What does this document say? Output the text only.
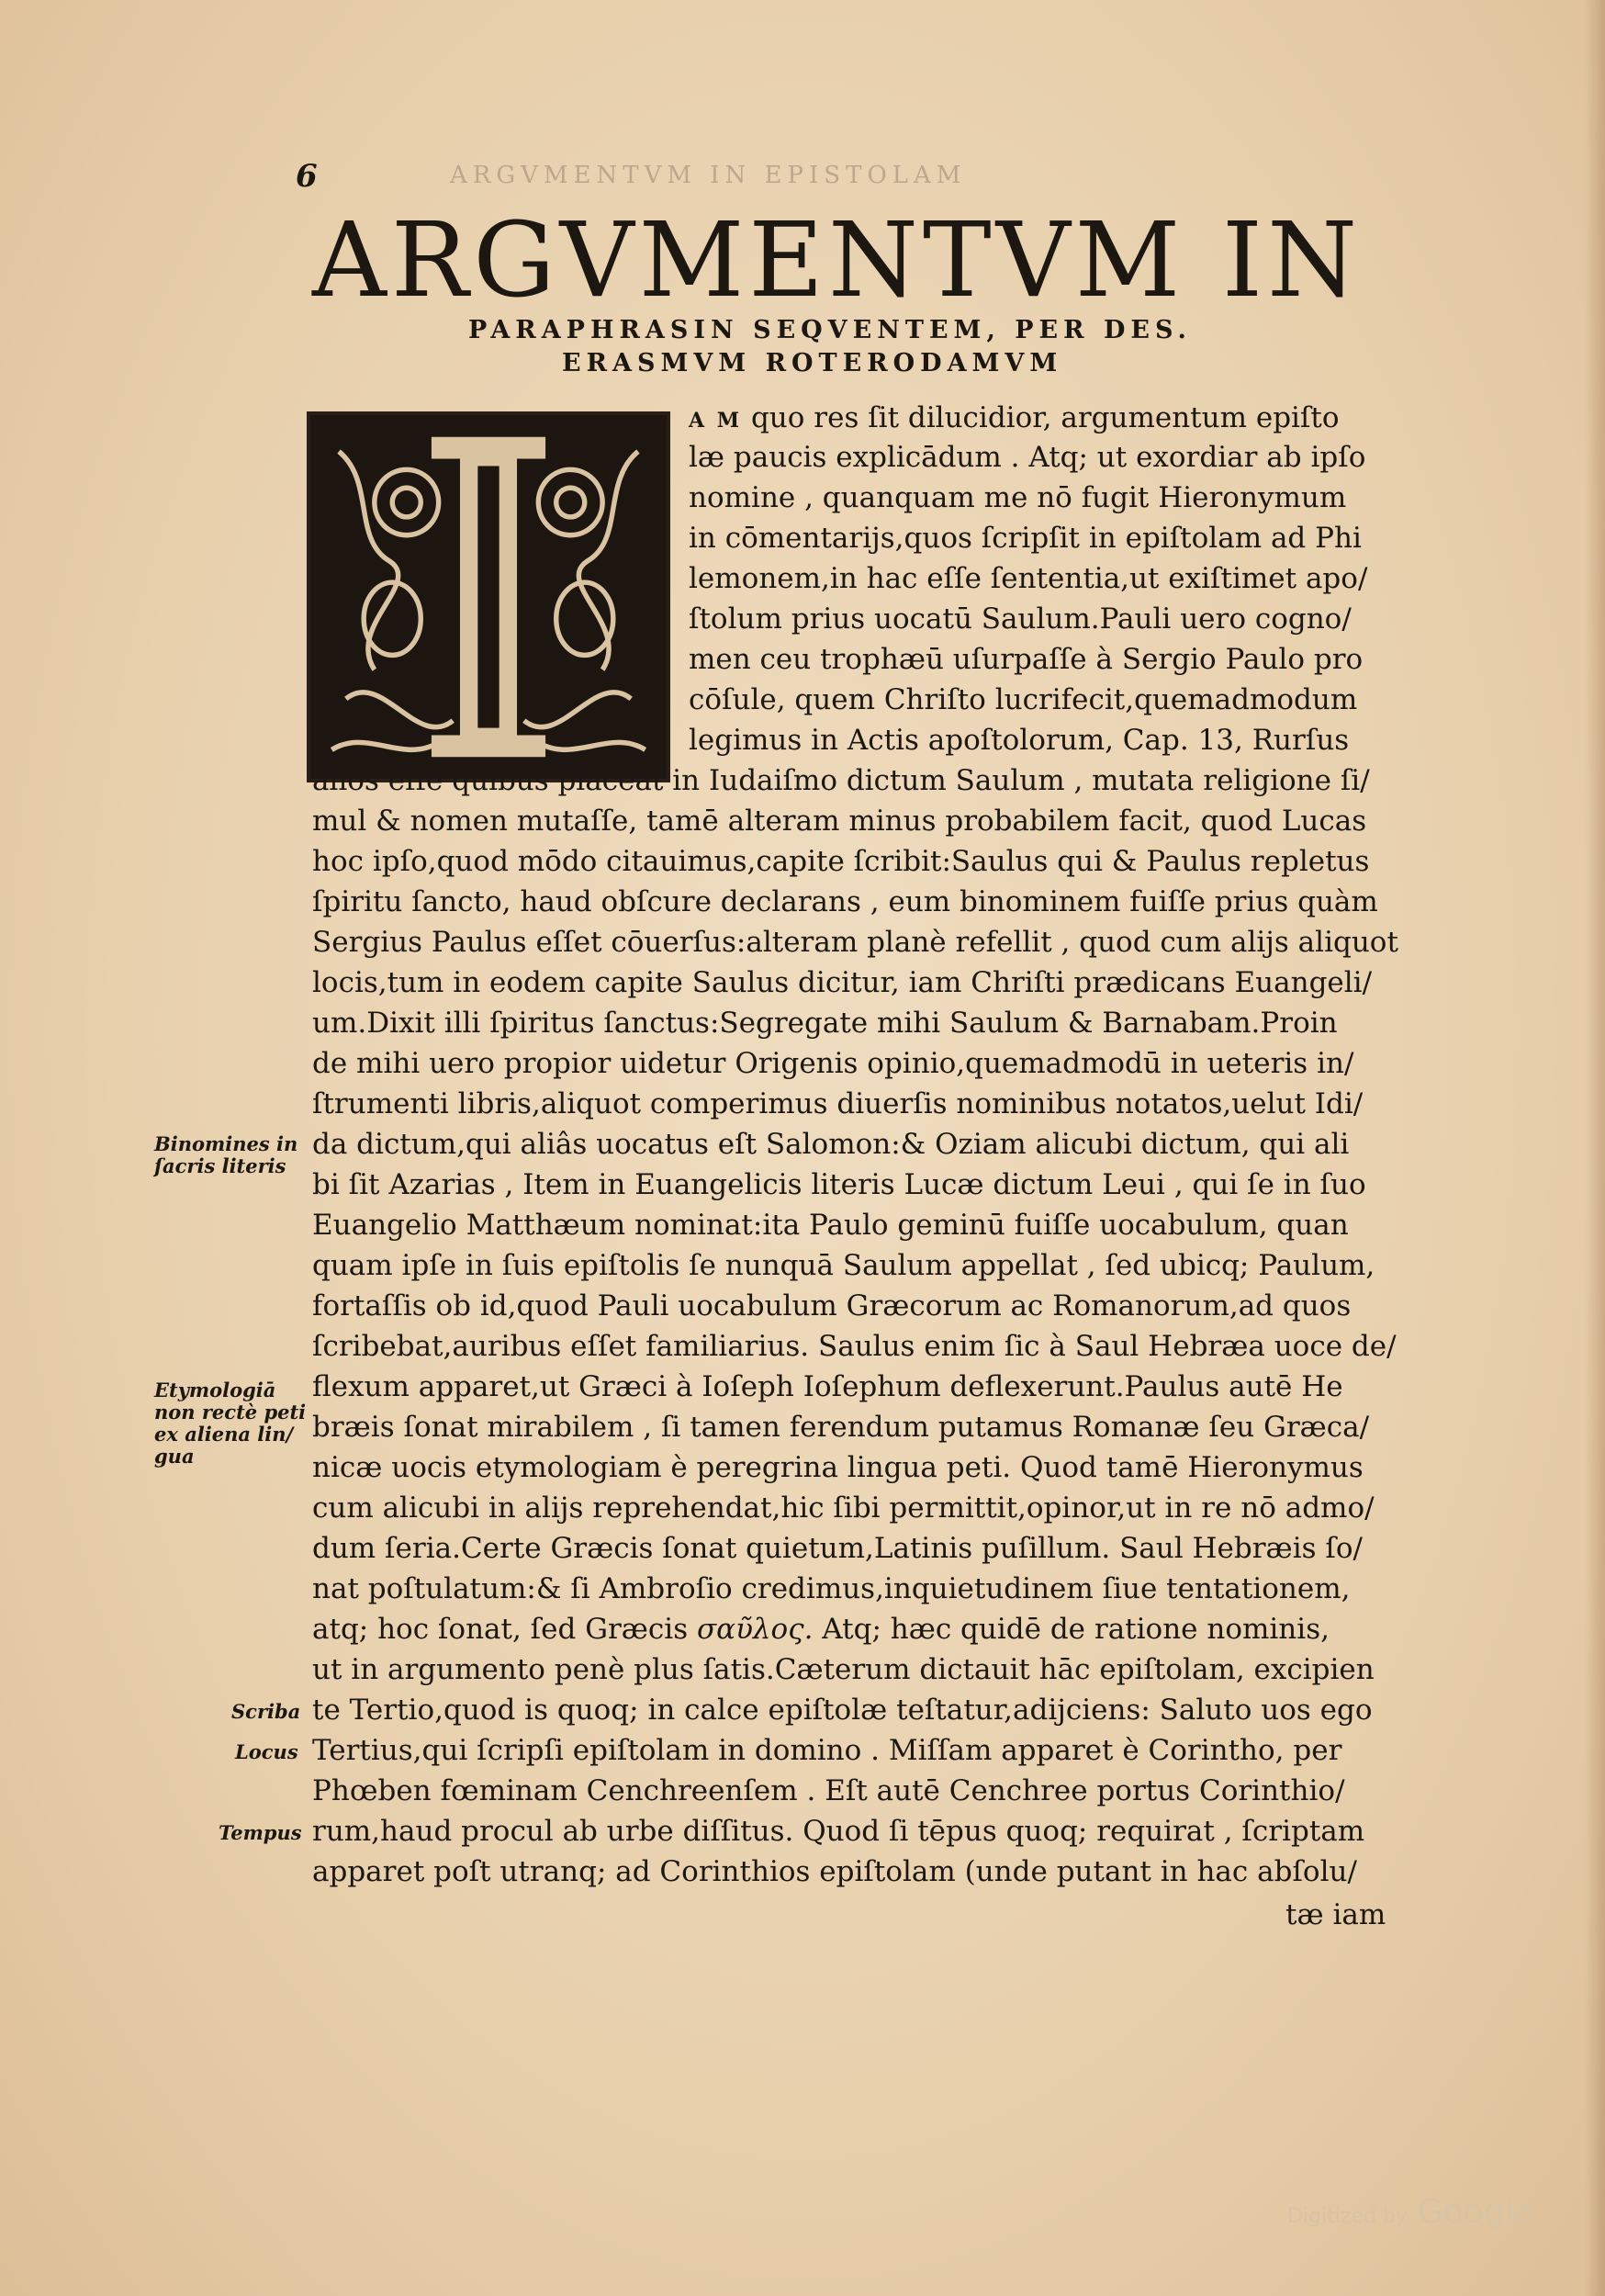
6	ARGVMENTVM IN EPISTOLAM
ARGVMENTVM IN
PARAPHRASIN SEQVENTEM, PER DES.
ERASMVM ROTERODAMVM
A M quo res ſit dilucidior, argumentum epiſto
læ paucis explicādum . Atq; ut exordiar ab ipſo
nomine , quanquam me nō fugit Hieronymum
in cōmentarijs,quos ſcripſit in epiſtolam ad Phi
lemonem,in hac eſſe ſententia,ut exiſtimet apo/
ſtolum prius uocatū Saulum.Pauli uero cogno/
men ceu trophæū uſurpaſſe à Sergio Paulo pro
cōſule, quem Chriſto lucrifecit,quemadmodum
legimus in Actis apoſtolorum, Cap. 13, Rurſus
alios eſſe quibus placeat in Iudaiſmo dictum Saulum , mutata religione ſi/
mul & nomen mutaſſe, tamē alteram minus probabilem facit, quod Lucas
hoc ipſo,quod mōdo citauimus,capite ſcribit:Saulus qui & Paulus repletus
ſpiritu ſancto, haud obſcure declarans , eum binominem fuiſſe prius quàm
Sergius Paulus eſſet cōuerſus:alteram planè refellit , quod cum alijs aliquot
locis,tum in eodem capite Saulus dicitur, iam Chriſti prædicans Euangeli/
um.Dixit illi ſpiritus ſanctus:Segregate mihi Saulum & Barnabam.Proin
de mihi uero propior uidetur Origenis opinio,quemadmodū in ueteris in/
ſtrumenti libris,aliquot comperimus diuerſis nominibus notatos,uelut Idi/
da dictum,qui aliâs uocatus eſt Salomon:& Oziam alicubi dictum, qui ali
bi ſit Azarias , Item in Euangelicis literis Lucæ dictum Leui , qui ſe in ſuo
Euangelio Matthæum nominat:ita Paulo geminū fuiſſe uocabulum, quan
quam ipſe in ſuis epiſtolis ſe nunquā Saulum appellat , ſed ubicq; Paulum,
fortaſſis ob id,quod Pauli uocabulum Græcorum ac Romanorum,ad quos
ſcribebat,auribus eſſet familiarius. Saulus enim ſic à Saul Hebræa uoce de/
flexum apparet,ut Græci à Ioſeph Ioſephum deflexerunt.Paulus autē He
bræis ſonat mirabilem , ſi tamen ferendum putamus Romanæ ſeu Græca/
nicæ uocis etymologiam è peregrina lingua peti. Quod tamē Hieronymus
cum alicubi in alijs reprehendat,hic ſibi permittit,opinor,ut in re nō admo/
dum ſeria.Certe Græcis ſonat quietum,Latinis puſillum. Saul Hebræis ſo/
nat poſtulatum:& ſi Ambroſio credimus,inquietudinem ſiue tentationem,
atq; hoc ſonat, ſed Græcis σαῦλος. Atq; hæc quidē de ratione nominis,
ut in argumento penè plus ſatis.Cæterum dictauit hāc epiſtolam, excipien
te Tertio,quod is quoq; in calce epiſtolæ teſtatur,adijciens: Saluto uos ego
Tertius,qui ſcripſi epiſtolam in domino . Miſſam apparet è Corintho, per
Phœben fœminam Cenchreenſem . Eſt autē Cenchree portus Corinthio/
rum,haud procul ab urbe diſſitus. Quod ſi tēpus quoq; requirat , ſcriptam
apparet poſt utranq; ad Corinthios epiſtolam (unde putant in hac abſolu/
tæ iam
Binomines in
ſacris literis
Etymologiā
non rectè peti
ex aliena lin/
gua
Scriba
Locus
Tempus
Digitized by Google
